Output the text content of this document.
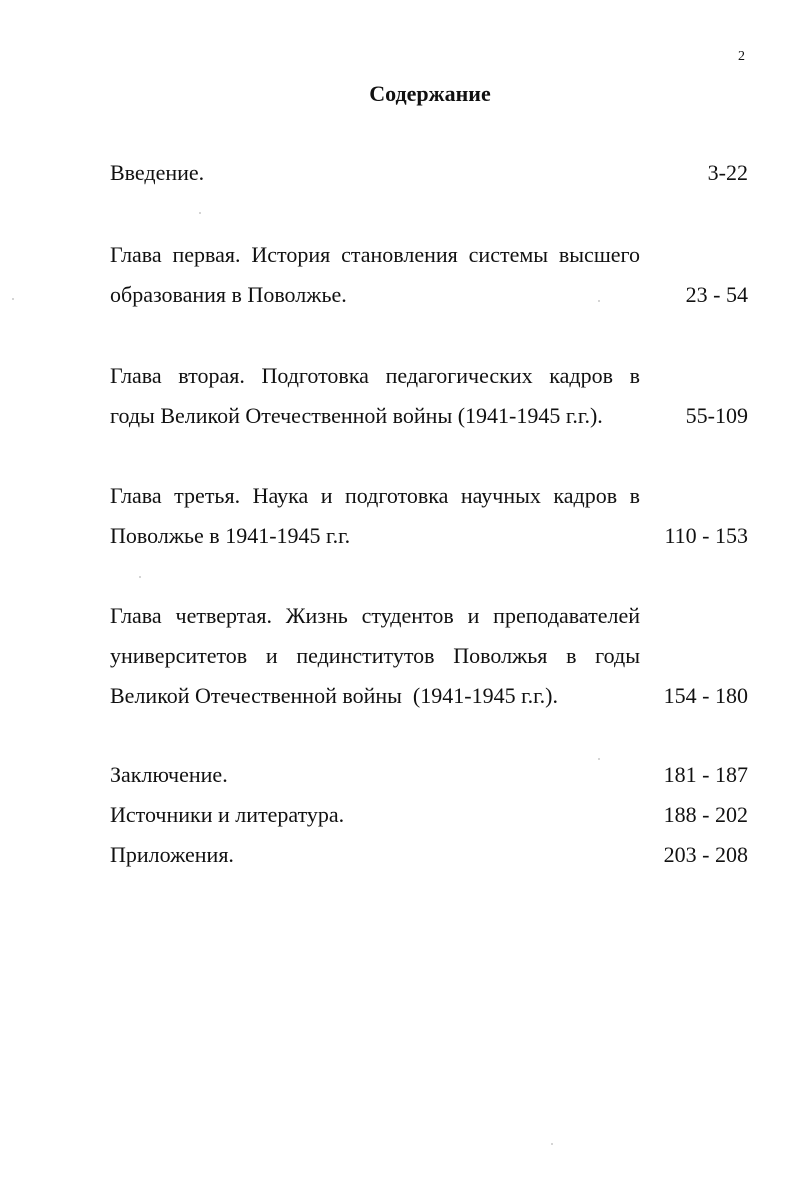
2
Содержание
Введение.	3-22
Глава первая. История становления системы высшего
образования в Поволжье.	23 - 54
Глава вторая. Подготовка педагогических кадров в
годы Великой Отечественной войны (1941-1945 г.г.).	55-109
Глава третья. Наука и подготовка научных кадров в
Поволжье в 1941-1945 г.г.	110 - 153
Глава четвертая. Жизнь студентов и преподавателей
университетов и пединститутов Поволжья в годы
Великой Отечественной войны  (1941-1945 г.г.).	154 - 180
Заключение.	181 - 187
Источники и литература.	188 - 202
Приложения.	203 - 208
